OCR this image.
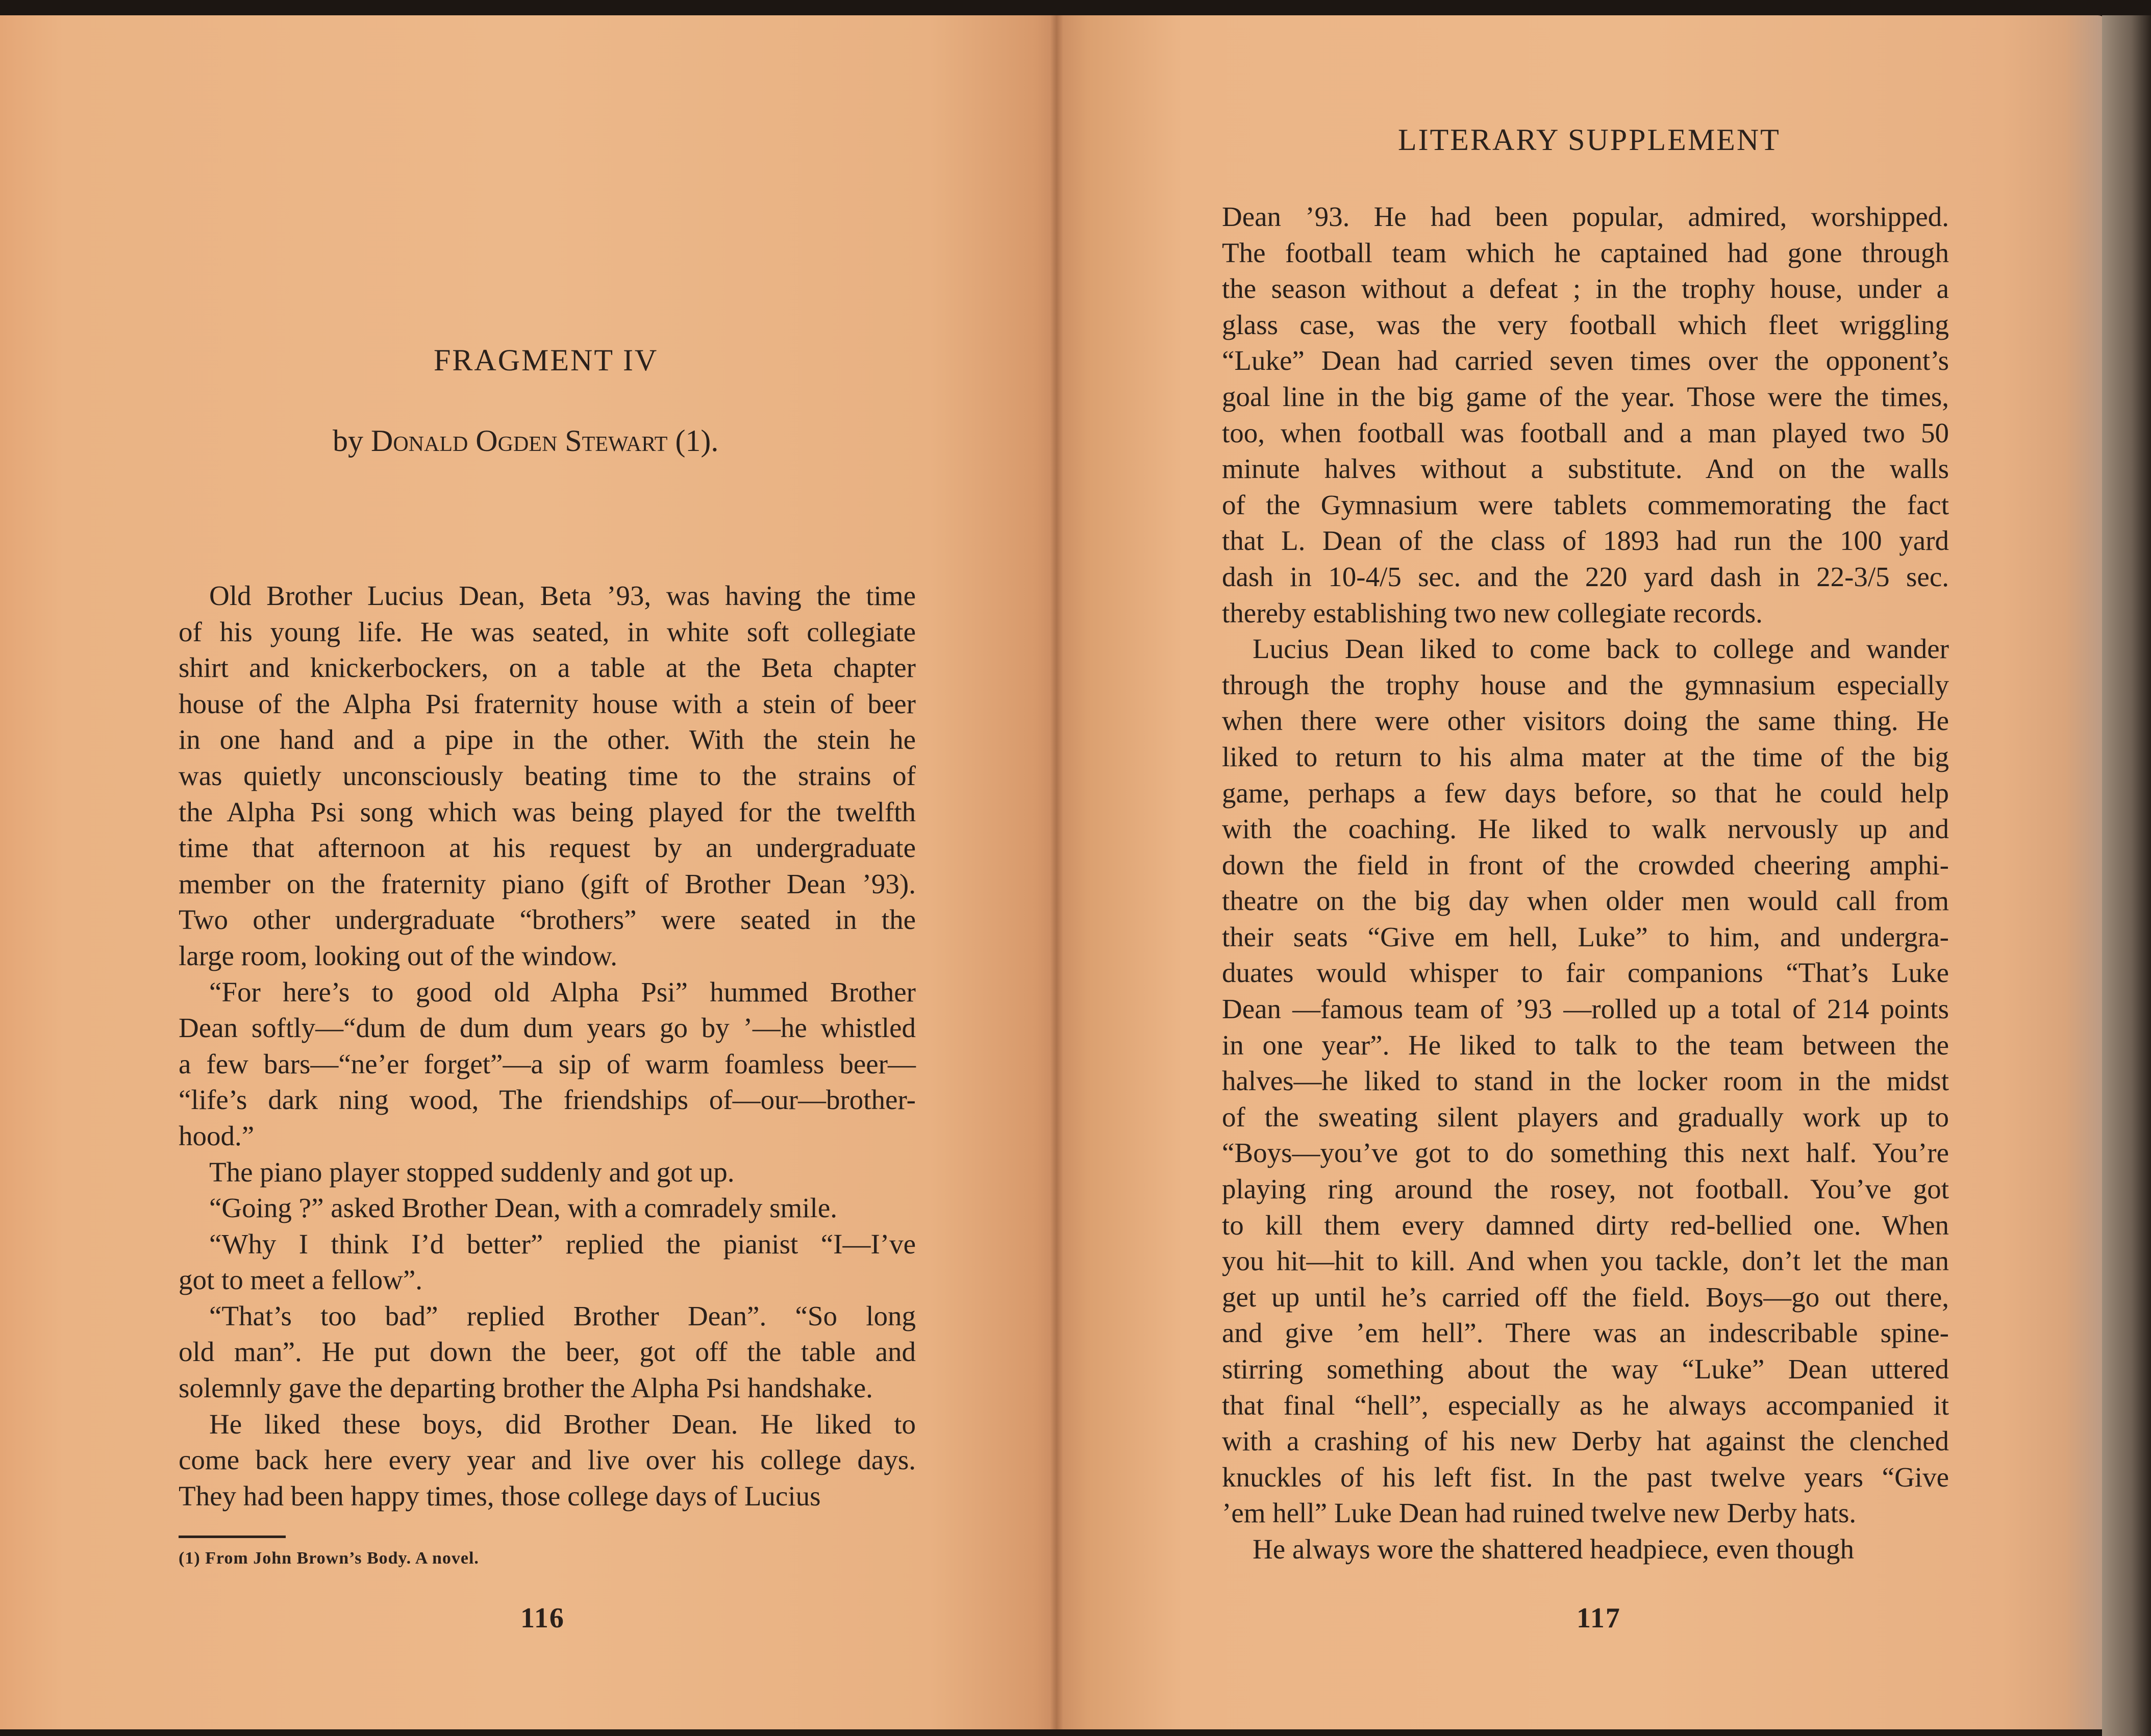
LITERARY SUPPLEMENT
FRAGMENT IV
by Donald Ogden Stewart (1).
Old Brother Lucius Dean, Beta ’93, was having the time
of his young life. He was seated, in white soft collegiate
shirt and knickerbockers, on a table at the Beta chapter
house of the Alpha Psi fraternity house with a stein of beer
in one hand and a pipe in the other. With the stein he
was quietly unconsciously beating time to the strains of
the Alpha Psi song which was being played for the twelfth
time that afternoon at his request by an undergraduate
member on the fraternity piano (gift of Brother Dean ’93).
Two other undergraduate “brothers” were seated in the
large room, looking out of the window.
“For here’s to good old Alpha Psi” hummed Brother
Dean softly—“dum de dum dum years go by ’—he whistled
a few bars—“ne’er forget”—a sip of warm foamless beer—
“life’s dark ning wood, The friendships of—our—brother-
hood.”
The piano player stopped suddenly and got up.
“Going ?” asked Brother Dean, with a comradely smile.
“Why I think I’d better” replied the pianist “I—I’ve
got to meet a fellow”.
“That’s too bad” replied Brother Dean”. “So long
old man”. He put down the beer, got off the table and
solemnly gave the departing brother the Alpha Psi handshake.
He liked these boys, did Brother Dean. He liked to
come back here every year and live over his college days.
They had been happy times, those college days of Lucius
Dean ’93. He had been popular, admired, worshipped.
The football team which he captained had gone through
the season without a defeat ; in the trophy house, under a
glass case, was the very football which fleet wriggling
“Luke” Dean had carried seven times over the opponent’s
goal line in the big game of the year. Those were the times,
too, when football was football and a man played two 50
minute halves without a substitute. And on the walls
of the Gymnasium were tablets commemorating the fact
that L. Dean of the class of 1893 had run the 100 yard
dash in 10-4/5 sec. and the 220 yard dash in 22-3/5 sec.
thereby establishing two new collegiate records.
Lucius Dean liked to come back to college and wander
through the trophy house and the gymnasium especially
when there were other visitors doing the same thing. He
liked to return to his alma mater at the time of the big
game, perhaps a few days before, so that he could help
with the coaching. He liked to walk nervously up and
down the field in front of the crowded cheering amphi-
theatre on the big day when older men would call from
their seats “Give em hell, Luke” to him, and undergra-
duates would whisper to fair companions “That’s Luke
Dean —famous team of ’93 —rolled up a total of 214 points
in one year”. He liked to talk to the team between the
halves—he liked to stand in the locker room in the midst
of the sweating silent players and gradually work up to
“Boys—you’ve got to do something this next half. You’re
playing ring around the rosey, not football. You’ve got
to kill them every damned dirty red-bellied one. When
you hit—hit to kill. And when you tackle, don’t let the man
get up until he’s carried off the field. Boys—go out there,
and give ’em hell”. There was an indescribable spine-
stirring something about the way “Luke” Dean uttered
that final “hell”, especially as he always accompanied it
with a crashing of his new Derby hat against the clenched
knuckles of his left fist. In the past twelve years “Give
’em hell” Luke Dean had ruined twelve new Derby hats.
He always wore the shattered headpiece, even though
(1) From John Brown’s Body. A novel.
116	117
